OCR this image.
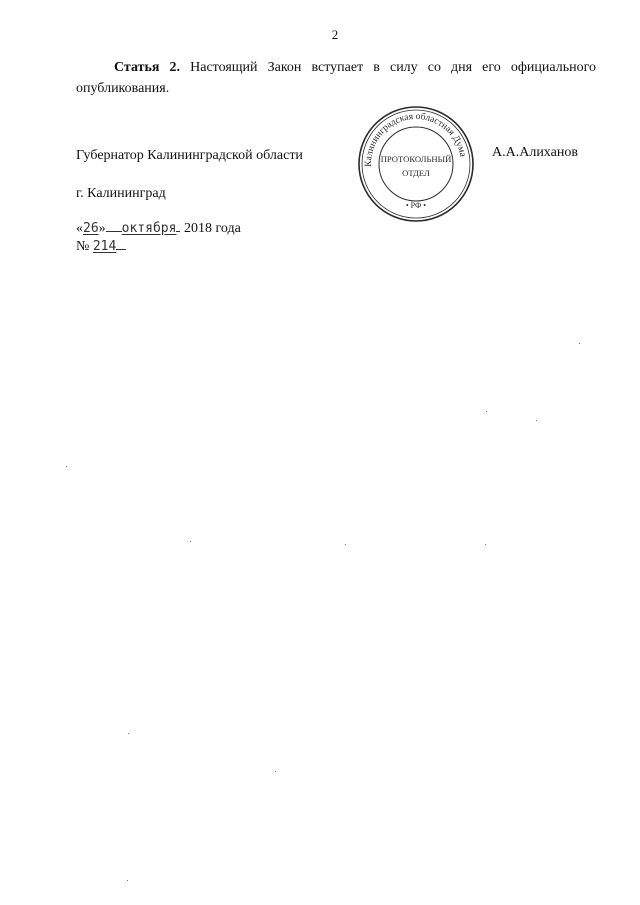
2
Статья 2. Настоящий Закон вступает в силу со дня его официального опубликования.
Губернатор Калининградской области	А.А.Алиханов
г. Калининград
«26» октября 2018 года
№ 214
Калининградская областная Дума
• РФ •
ПРОТОКОЛЬНЫЙ
ОТДЕЛ
